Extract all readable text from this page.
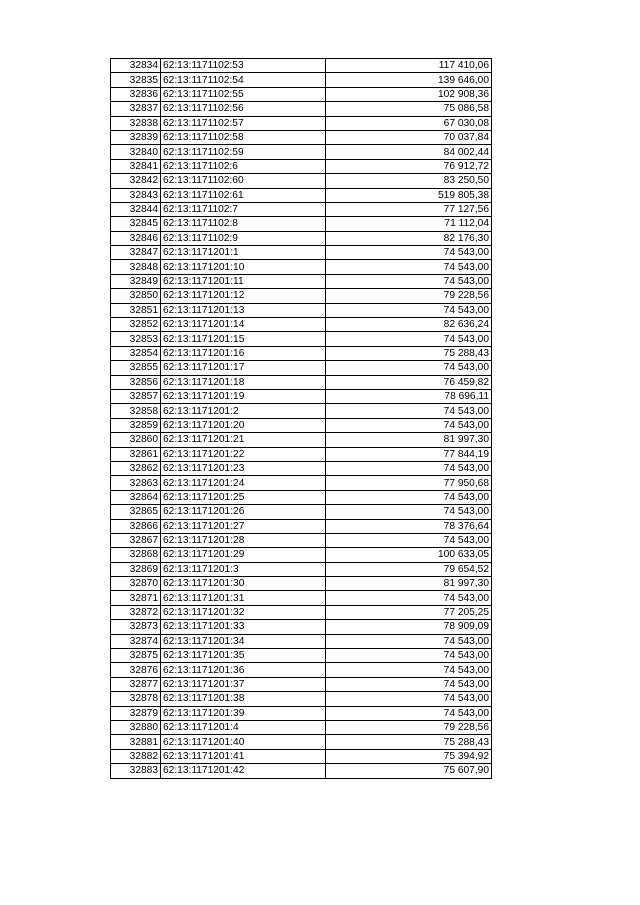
32834	62:13:1171102:53	117 410,06
32835	62:13:1171102:54	139 646,00
32836	62:13:1171102:55	102 908,36
32837	62:13:1171102:56	75 086,58
32838	62:13:1171102:57	67 030,08
32839	62:13:1171102:58	70 037,84
32840	62:13:1171102:59	84 002,44
32841	62:13:1171102:6	76 912,72
32842	62:13:1171102:60	83 250,50
32843	62:13:1171102:61	519 805,38
32844	62:13:1171102:7	77 127,56
32845	62:13:1171102:8	71 112,04
32846	62:13:1171102:9	82 176,30
32847	62:13:1171201:1	74 543,00
32848	62:13:1171201:10	74 543,00
32849	62:13:1171201:11	74 543,00
32850	62:13:1171201:12	79 228,56
32851	62:13:1171201:13	74 543,00
32852	62:13:1171201:14	82 636,24
32853	62:13:1171201:15	74 543,00
32854	62:13:1171201:16	75 288,43
32855	62:13:1171201:17	74 543,00
32856	62:13:1171201:18	76 459,82
32857	62:13:1171201:19	78 696,11
32858	62:13:1171201:2	74 543,00
32859	62:13:1171201:20	74 543,00
32860	62:13:1171201:21	81 997,30
32861	62:13:1171201:22	77 844,19
32862	62:13:1171201:23	74 543,00
32863	62:13:1171201:24	77 950,68
32864	62:13:1171201:25	74 543,00
32865	62:13:1171201:26	74 543,00
32866	62:13:1171201:27	78 376,64
32867	62:13:1171201:28	74 543,00
32868	62:13:1171201:29	100 633,05
32869	62:13:1171201:3	79 654,52
32870	62:13:1171201:30	81 997,30
32871	62:13:1171201:31	74 543,00
32872	62:13:1171201:32	77 205,25
32873	62:13:1171201:33	78 909,09
32874	62:13:1171201:34	74 543,00
32875	62:13:1171201:35	74 543,00
32876	62:13:1171201:36	74 543,00
32877	62:13:1171201:37	74 543,00
32878	62:13:1171201:38	74 543,00
32879	62:13:1171201:39	74 543,00
32880	62:13:1171201:4	79 228,56
32881	62:13:1171201:40	75 288,43
32882	62:13:1171201:41	75 394,92
32883	62:13:1171201:42	75 607,90
